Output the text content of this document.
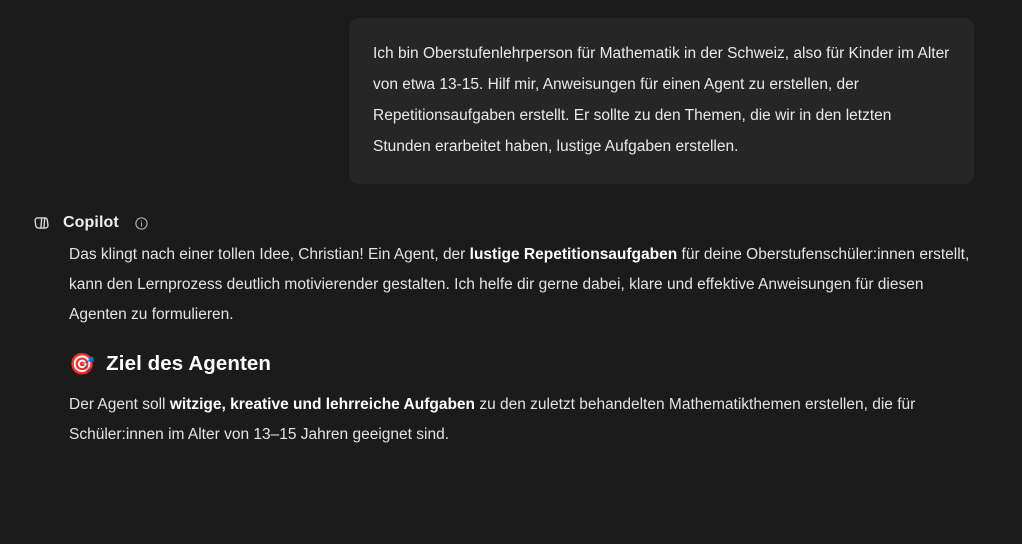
Ich bin Oberstufenlehrperson für Mathematik in der Schweiz, also für Kinder im Alter von etwa 13-15. Hilf mir, Anweisungen für einen Agent zu erstellen, der Repetitionsaufgaben erstellt. Er sollte zu den Themen, die wir in den letzten Stunden erarbeitet haben, lustige Aufgaben erstellen.

Copilot

Das klingt nach einer tollen Idee, Christian! Ein Agent, der lustige Repetitionsaufgaben für deine Oberstufenschüler:innen erstellt, kann den Lernprozess deutlich motivierender gestalten. Ich helfe dir gerne dabei, klare und effektive Anweisungen für diesen Agenten zu formulieren.

🎯 Ziel des Agenten

Der Agent soll witzige, kreative und lehrreiche Aufgaben zu den zuletzt behandelten Mathematikthemen erstellen, die für Schüler:innen im Alter von 13–15 Jahren geeignet sind.
